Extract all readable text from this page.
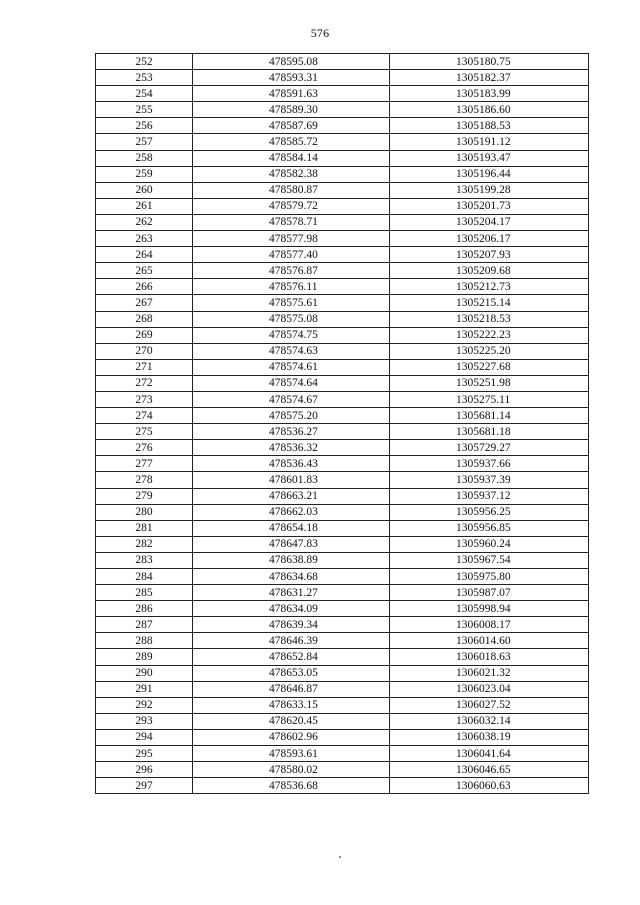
576
252	478595.08	1305180.75
253	478593.31	1305182.37
254	478591.63	1305183.99
255	478589.30	1305186.60
256	478587.69	1305188.53
257	478585.72	1305191.12
258	478584.14	1305193.47
259	478582.38	1305196.44
260	478580.87	1305199.28
261	478579.72	1305201.73
262	478578.71	1305204.17
263	478577.98	1305206.17
264	478577.40	1305207.93
265	478576.87	1305209.68
266	478576.11	1305212.73
267	478575.61	1305215.14
268	478575.08	1305218.53
269	478574.75	1305222.23
270	478574.63	1305225.20
271	478574.61	1305227.68
272	478574.64	1305251.98
273	478574.67	1305275.11
274	478575.20	1305681.14
275	478536.27	1305681.18
276	478536.32	1305729.27
277	478536.43	1305937.66
278	478601.83	1305937.39
279	478663.21	1305937.12
280	478662.03	1305956.25
281	478654.18	1305956.85
282	478647.83	1305960.24
283	478638.89	1305967.54
284	478634.68	1305975.80
285	478631.27	1305987.07
286	478634.09	1305998.94
287	478639.34	1306008.17
288	478646.39	1306014.60
289	478652.84	1306018.63
290	478653.05	1306021.32
291	478646.87	1306023.04
292	478633.15	1306027.52
293	478620.45	1306032.14
294	478602.96	1306038.19
295	478593.61	1306041.64
296	478580.02	1306046.65
297	478536.68	1306060.63
